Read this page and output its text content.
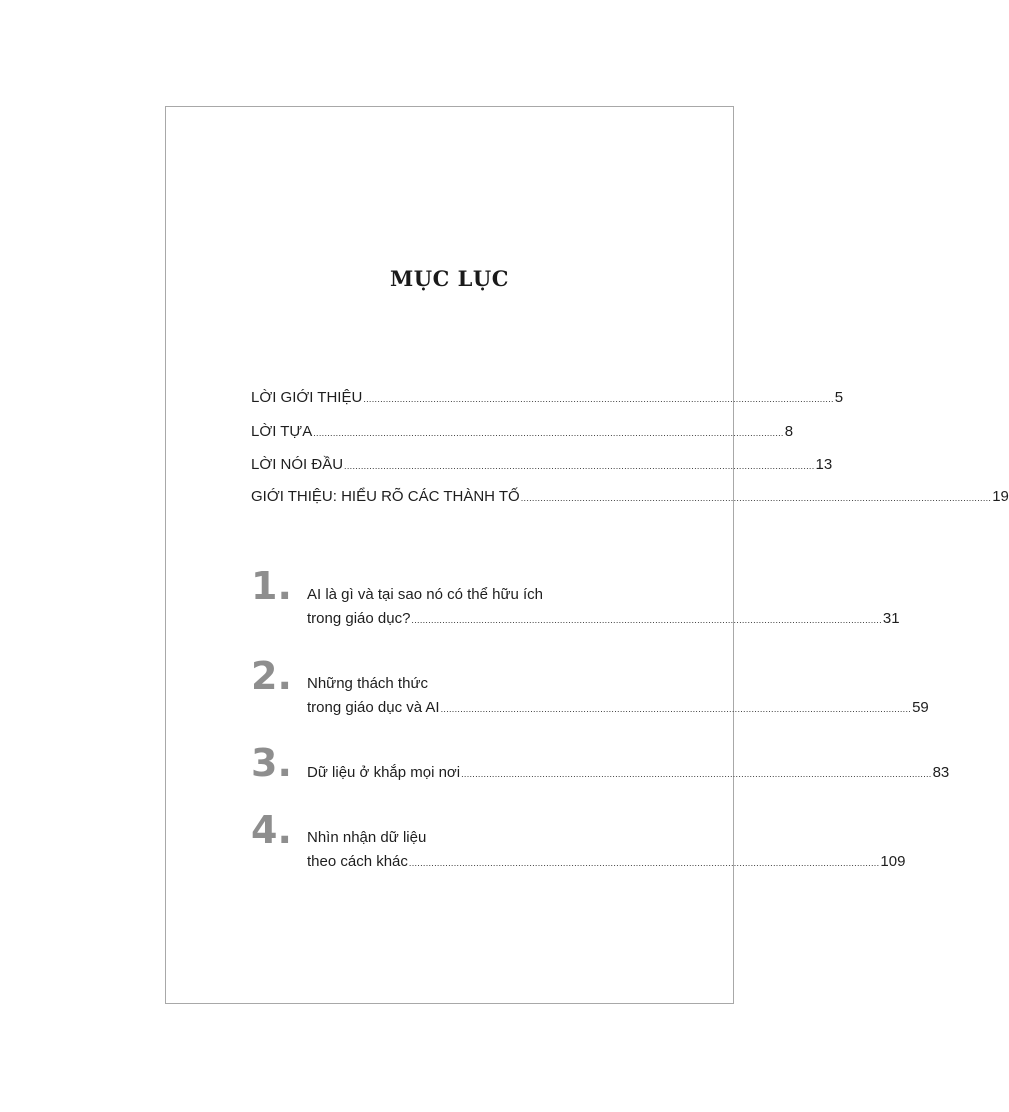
MỤC LỤC
LỜI GIỚI THIỆU ........................................................................................................................................................................ 5
LỜI TỰA ........................................................................................................................................................................ 8
LỜI NÓI ĐẦU ........................................................................................................................................................................ 13
GIỚI THIỆU: HIỂU RÕ CÁC THÀNH TỐ ........................................................................................................................................................................ 19
1. AI là gì và tại sao nó có thể hữu ích
trong giáo dục? ........................................................................................................................................................................ 31
2. Những thách thức
trong giáo dục và AI ........................................................................................................................................................................ 59
3. Dữ liệu ở khắp mọi nơi ........................................................................................................................................................................ 83
4. Nhìn nhận dữ liệu
theo cách khác ........................................................................................................................................................................ 109
